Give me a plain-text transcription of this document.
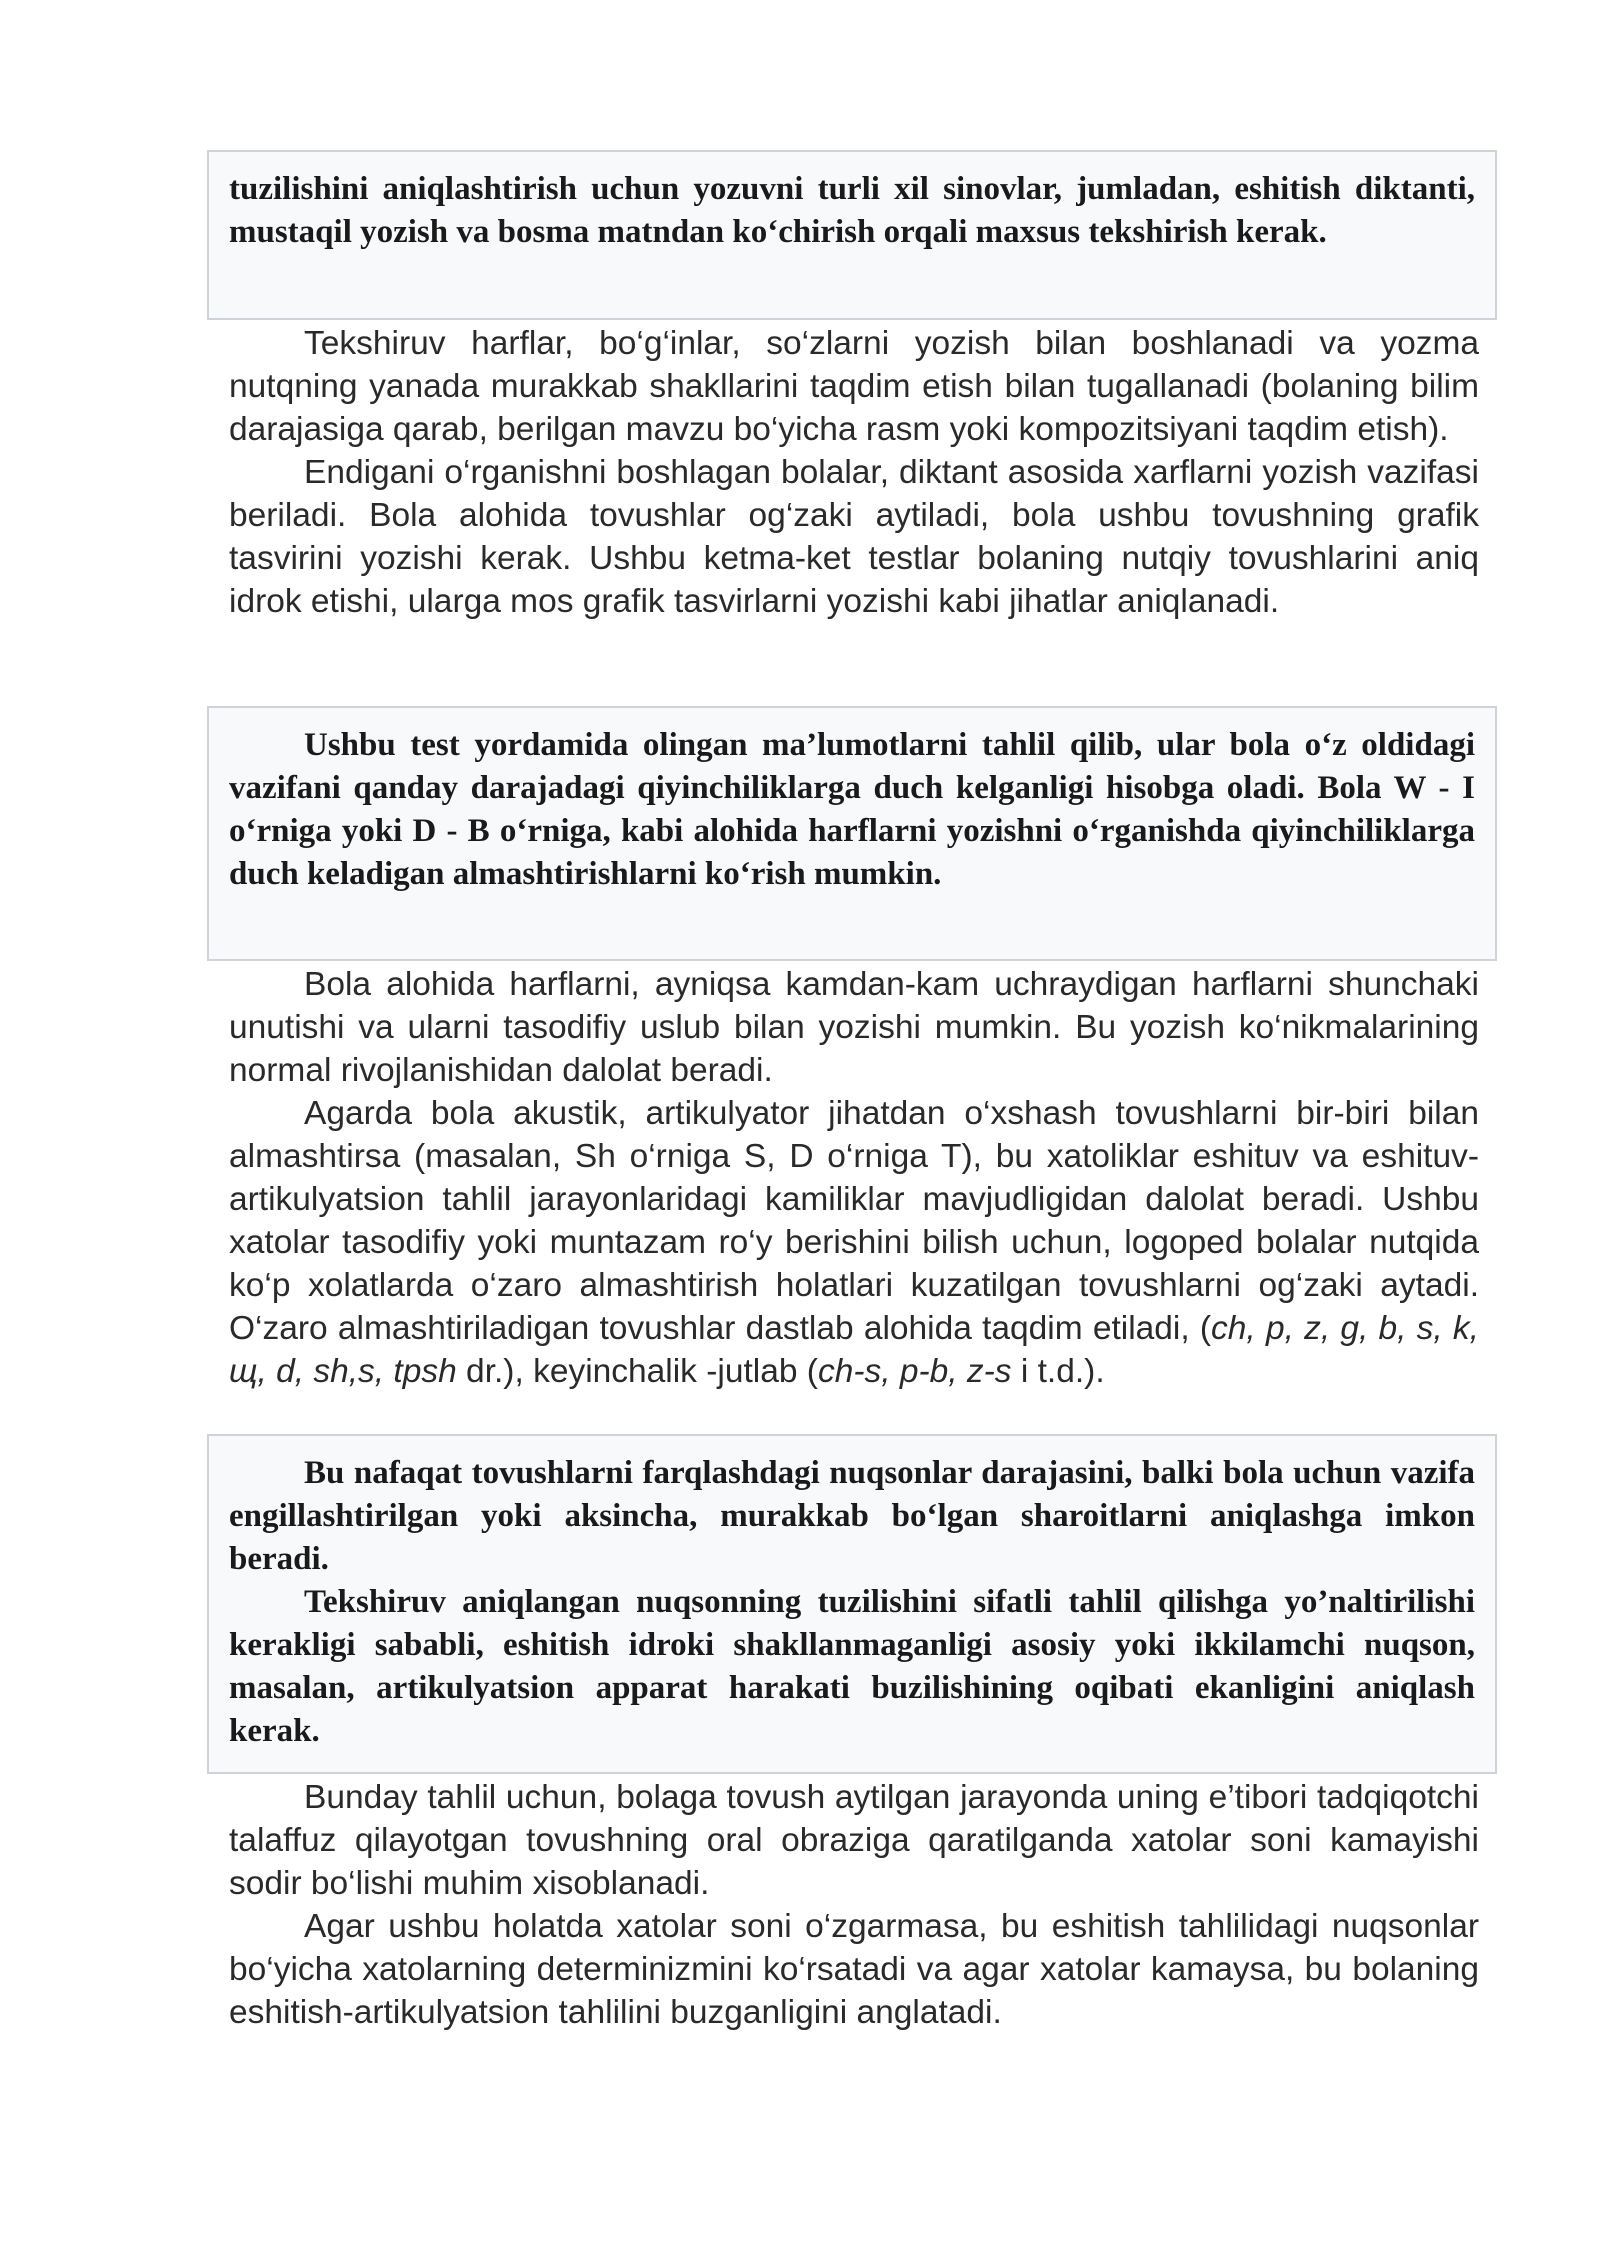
tuzilishini aniqlashtirish uchun yozuvni turli xil sinovlar, jumladan, eshitish diktanti, mustaqil yozish va bosma matndan ko‘chirish orqali maxsus tekshirish kerak.

Tekshiruv harflar, bo‘g‘inlar, so‘zlarni yozish bilan boshlanadi va yozma nutqning yanada murakkab shakllarini taqdim etish bilan tugallanadi (bolaning bilim darajasiga qarab, berilgan mavzu bo‘yicha rasm yoki kompozitsiyani taqdim etish).

Endigani o‘rganishni boshlagan bolalar, diktant asosida xarflarni yozish vazifasi beriladi. Bola alohida tovushlar og‘zaki aytiladi, bola ushbu tovushning grafik tasvirini yozishi kerak. Ushbu ketma-ket testlar bolaning nutqiy tovushlarini aniq idrok etishi, ularga mos grafik tasvirlarni yozishi kabi jihatlar aniqlanadi.

Ushbu test yordamida olingan ma’lumotlarni tahlil qilib, ular bola o‘z oldidagi vazifani qanday darajadagi qiyinchiliklarga duch kelganligi hisobga oladi. Bola W - I o‘rniga yoki D - B o‘rniga, kabi alohida harflarni yozishni o‘rganishda qiyinchiliklarga duch keladigan almashtirishlarni ko‘rish mumkin.

Bola alohida harflarni, ayniqsa kamdan-kam uchraydigan harflarni shunchaki unutishi va ularni tasodifiy uslub bilan yozishi mumkin. Bu yozish ko‘nikmalarining normal rivojlanishidan dalolat beradi.

Agarda bola akustik, artikulyator jihatdan o‘xshash tovushlarni bir-biri bilan almashtirsa (masalan, Sh o‘rniga S, D o‘rniga T), bu xatoliklar eshituv va eshituv-artikulyatsion tahlil jarayonlaridagi kamiliklar mavjudligidan dalolat beradi. Ushbu xatolar tasodifiy yoki muntazam ro‘y berishini bilish uchun, logoped bolalar nutqida ko‘p xolatlarda o‘zaro almashtirish holatlari kuzatilgan tovushlarni og‘zaki aytadi. O‘zaro almashtiriladigan tovushlar dastlab alohida taqdim etiladi, (ch, p, z, g, b, s, k, щ, d, sh,s, tpsh dr.), keyinchalik -jutlab (ch-s, p-b, z-s i t.d.).

Bu nafaqat tovushlarni farqlashdagi nuqsonlar darajasini, balki bola uchun vazifa engillashtirilgan yoki aksincha, murakkab bo‘lgan sharoitlarni aniqlashga imkon beradi.

Tekshiruv aniqlangan nuqsonning tuzilishini sifatli tahlil qilishga yo’naltirilishi kerakligi sababli, eshitish idroki shakllanmaganligi asosiy yoki ikkilamchi nuqson, masalan, artikulyatsion apparat harakati buzilishining oqibati ekanligini aniqlash kerak.

Bunday tahlil uchun, bolaga tovush aytilgan jarayonda uning e’tibori tadqiqotchi talaffuz qilayotgan tovushning oral obraziga qaratilganda xatolar soni kamayishi sodir bo‘lishi muhim xisoblanadi.

Agar ushbu holatda xatolar soni o‘zgarmasa, bu eshitish tahlilidagi nuqsonlar bo‘yicha xatolarning determinizmini ko‘rsatadi va agar xatolar kamaysa, bu bolaning eshitish-artikulyatsion tahlilini buzganligini anglatadi.
